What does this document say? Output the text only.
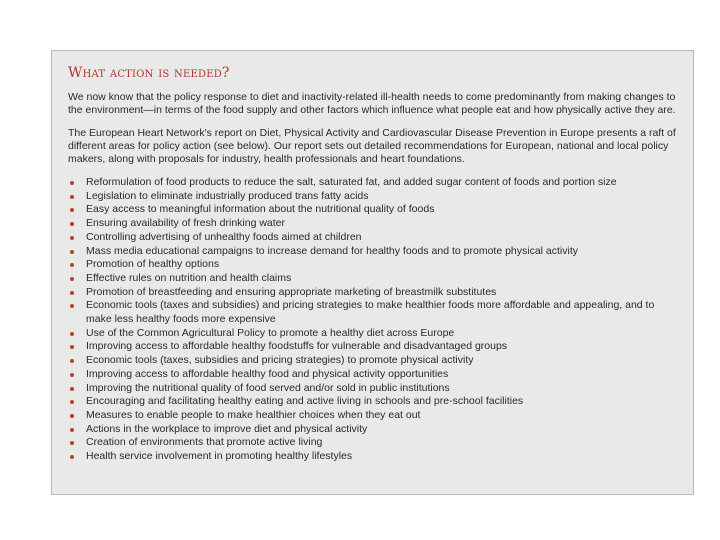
What action is needed?

We now know that the policy response to diet and inactivity-related ill-health needs to come predominantly from making changes to the environment—in terms of the food supply and other factors which influence what people eat and how physically active they are.

The European Heart Network's report on Diet, Physical Activity and Cardiovascular Disease Prevention in Europe presents a raft of different areas for policy action (see below). Our report sets out detailed recommendations for European, national and local policy makers, along with proposals for industry, health professionals and heart foundations.

Reformulation of food products to reduce the salt, saturated fat, and added sugar content of foods and portion size
Legislation to eliminate industrially produced trans fatty acids
Easy access to meaningful information about the nutritional quality of foods
Ensuring availability of fresh drinking water
Controlling advertising of unhealthy foods aimed at children
Mass media educational campaigns to increase demand for healthy foods and to promote physical activity
Promotion of healthy options
Effective rules on nutrition and health claims
Promotion of breastfeeding and ensuring appropriate marketing of breastmilk substitutes
Economic tools (taxes and subsidies) and pricing strategies to make healthier foods more affordable and appealing, and to make less healthy foods more expensive
Use of the Common Agricultural Policy to promote a healthy diet across Europe
Improving access to affordable healthy foodstuffs for vulnerable and disadvantaged groups
Economic tools (taxes, subsidies and pricing strategies) to promote physical activity
Improving access to affordable healthy food and physical activity opportunities
Improving the nutritional quality of food served and/or sold in public institutions
Encouraging and facilitating healthy eating and active living in schools and pre-school facilities
Measures to enable people to make healthier choices when they eat out
Actions in the workplace to improve diet and physical activity
Creation of environments that promote active living
Health service involvement in promoting healthy lifestyles
